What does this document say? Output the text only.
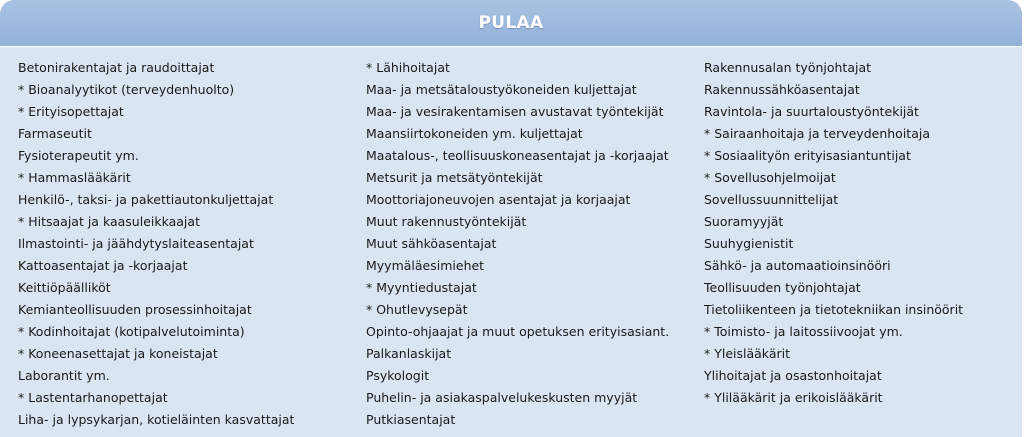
PULAA
Betonirakentajat ja raudoittajat
* Bioanalyytikot (terveydenhuolto)
* Erityisopettajat
Farmaseutit
Fysioterapeutit ym.
* Hammaslääkärit
Henkilö-, taksi- ja pakettiautonkuljettajat
* Hitsaajat ja kaasuleikkaajat
Ilmastointi- ja jäähdytyslaiteasentajat
Kattoasentajat ja -korjaajat
Keittiöpäälliköt
Kemianteollisuuden prosessinhoitajat
* Kodinhoitajat (kotipalvelutoiminta)
* Koneenasettajat ja koneistajat
Laborantit ym.
* Lastentarhanopettajat
Liha- ja lypsykarjan, kotieläinten kasvattajat
* Lähihoitajat
Maa- ja metsätaloustyökoneiden kuljettajat
Maa- ja vesirakentamisen avustavat työntekijät
Maansiirtokoneiden ym. kuljettajat
Maatalous-, teollisuuskoneasentajat ja -korjaajat
Metsurit ja metsätyöntekijät
Moottoriajoneuvojen asentajat ja korjaajat
Muut rakennustyöntekijät
Muut sähköasentajat
Myymäläesimiehet
* Myyntiedustajat
* Ohutlevysepät
Opinto-ohjaajat ja muut opetuksen erityisasiant.
Palkanlaskijat
Psykologit
Puhelin- ja asiakaspalvelukeskusten myyjät
Putkiasentajat
Rakennusalan työnjohtajat
Rakennussähköasentajat
Ravintola- ja suurtaloustyöntekijät
* Sairaanhoitaja ja terveydenhoitaja
* Sosiaalityön erityisasiantuntijat
* Sovellusohjelmoijat
Sovellussuunnittelijat
Suoramyyjät
Suuhygienistit
Sähkö- ja automaatioinsinööri
Teollisuuden työnjohtajat
Tietoliikenteen ja tietotekniikan insinöörit
* Toimisto- ja laitossiivoojat ym.
* Yleislääkärit
Ylihoitajat ja osastonhoitajat
* Ylilääkärit ja erikoislääkärit
